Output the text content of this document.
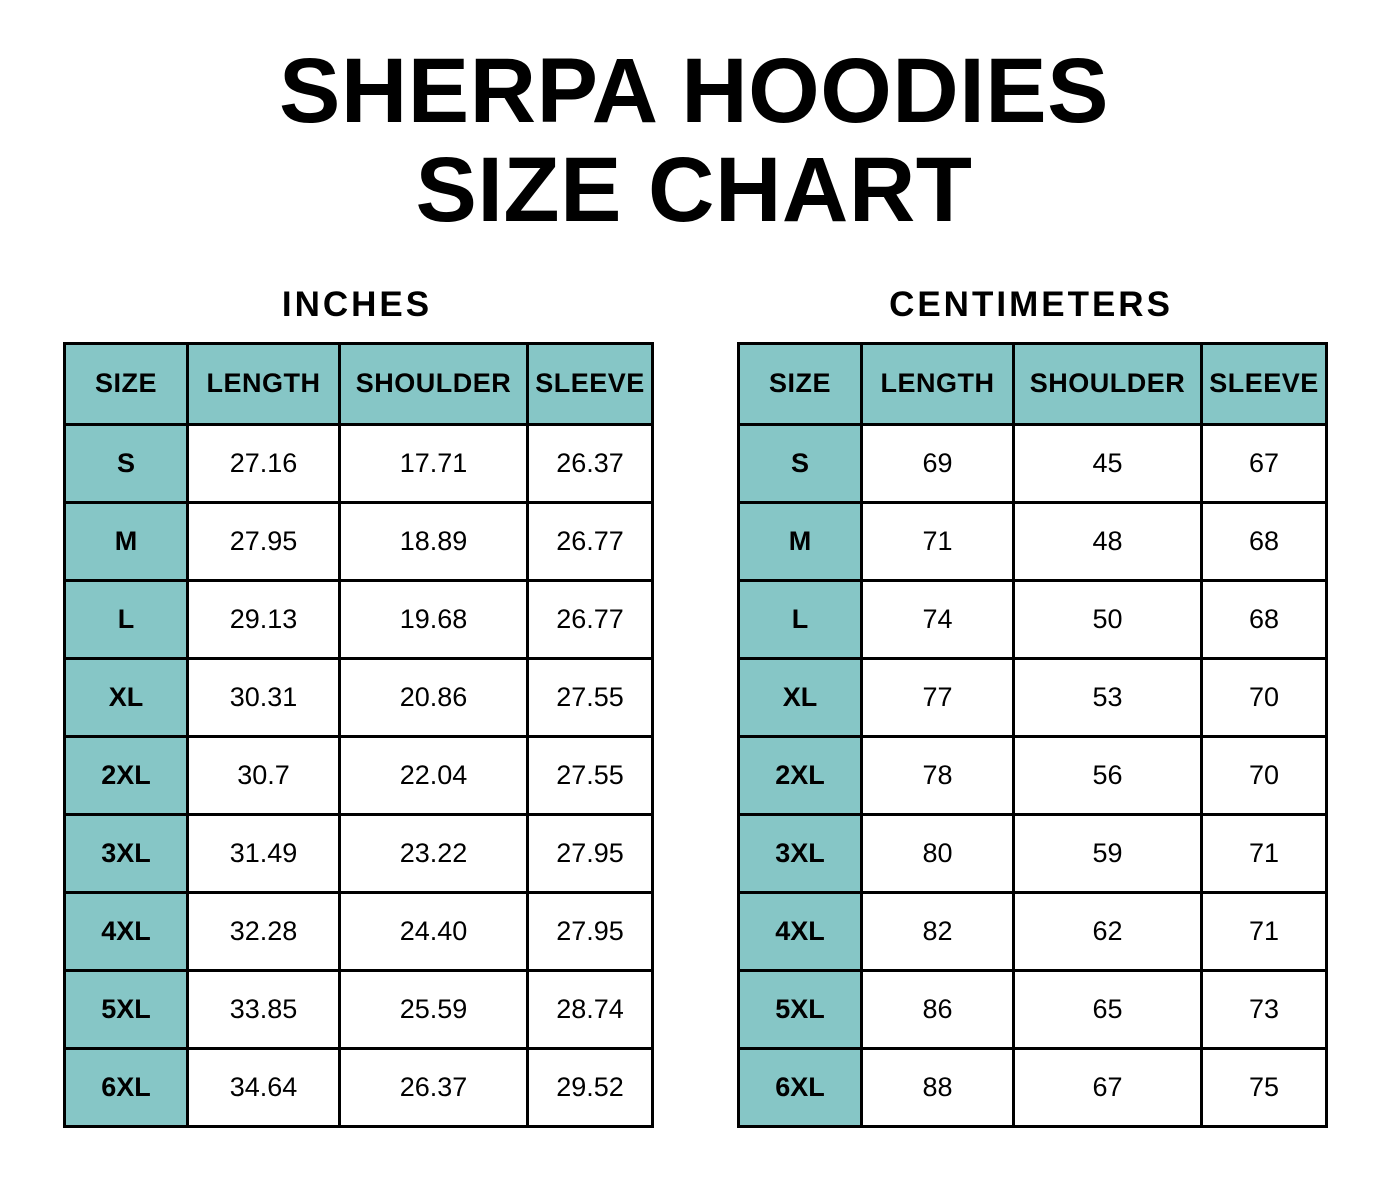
SHERPA HOODIES
SIZE CHART
INCHES
SIZE	LENGTH	SHOULDER	SLEEVE
S	27.16	17.71	26.37
M	27.95	18.89	26.77
L	29.13	19.68	26.77
XL	30.31	20.86	27.55
2XL	30.7	22.04	27.55
3XL	31.49	23.22	27.95
4XL	32.28	24.40	27.95
5XL	33.85	25.59	28.74
6XL	34.64	26.37	29.52
CENTIMETERS
SIZE	LENGTH	SHOULDER	SLEEVE
S	69	45	67
M	71	48	68
L	74	50	68
XL	77	53	70
2XL	78	56	70
3XL	80	59	71
4XL	82	62	71
5XL	86	65	73
6XL	88	67	75
